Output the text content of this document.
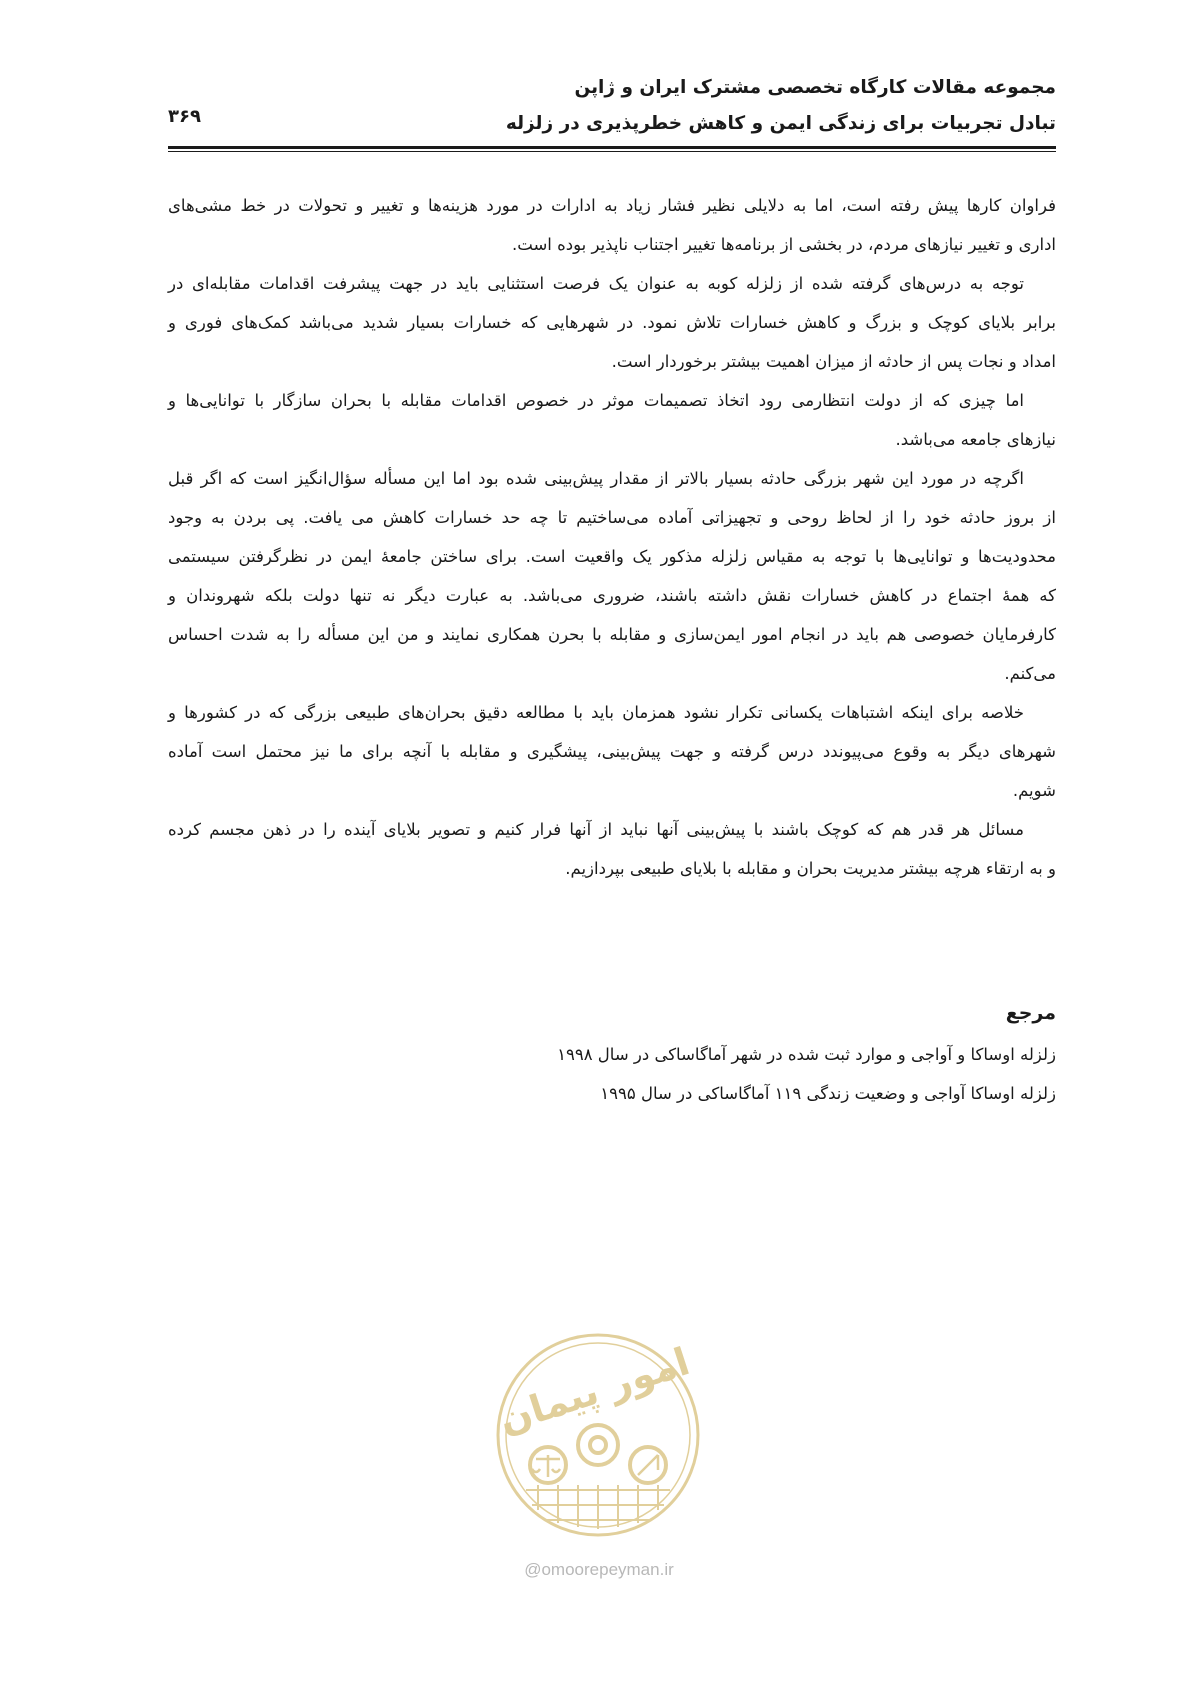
مجموعه مقالات کارگاه تخصصی مشترک ایران و ژاپن
تبادل تجربیات برای زندگی ایمن و کاهش خطرپذیری در زلزله
۳۶۹

فراوان کارها پیش رفته است، اما به دلایلی نظیر فشار زیاد به ادارات در مورد هزینه‌ها و تغییر و تحولات در خط مشی‌های
اداری و تغییر نیازهای مردم، در بخشی از برنامه‌ها تغییر اجتناب ناپذیر بوده است.

توجه به درس‌های گرفته شده از زلزله کوبه به عنوان یک فرصت استثنایی باید در جهت پیشرفت اقدامات مقابله‌ای در
برابر بلایای کوچک و بزرگ و کاهش خسارات تلاش نمود. در شهرهایی که خسارات بسیار شدید می‌باشد کمک‌های فوری و
امداد و نجات پس از حادثه از میزان اهمیت بیشتر برخوردار است.

اما چیزی که از دولت انتظارمی رود اتخاذ تصمیمات موثر در خصوص اقدامات مقابله با بحران سازگار با توانایی‌ها و
نیازهای جامعه می‌باشد.

اگرچه در مورد این شهر بزرگی حادثه بسیار بالاتر از مقدار پیش‌بینی شده بود اما این مسأله سؤال‌انگیز است که اگر قبل
از بروز حادثه خود را از لحاظ روحی و تجهیزاتی آماده می‌ساختیم تا چه حد خسارات کاهش می یافت. پی بردن به وجود
محدودیت‌ها و توانایی‌ها با توجه به مقیاس زلزله مذکور یک واقعیت است. برای ساختن جامعهٔ ایمن در نظرگرفتن سیستمی
که همهٔ اجتماع در کاهش خسارات نقش داشته باشند، ضروری می‌باشد. به عبارت دیگر نه تنها دولت بلکه شهروندان و
کارفرمایان خصوصی هم باید در انجام امور ایمن‌سازی و مقابله با بحرن همکاری نمایند و من این مسأله را به شدت احساس
می‌کنم.

خلاصه برای اینکه اشتباهات یکسانی تکرار نشود همزمان باید با مطالعه دقیق بحران‌های طبیعی بزرگی که در کشورها و
شهرهای دیگر به وقوع می‌پیوندد درس گرفته و جهت پیش‌بینی، پیشگیری و مقابله با آنچه برای ما نیز محتمل است آماده
شویم.

مسائل هر قدر هم که کوچک باشند با پیش‌بینی آنها نباید از آنها فرار کنیم و تصویر بلایای آینده را در ذهن مجسم کرده
و به ارتقاء هرچه بیشتر مدیریت بحران و مقابله با بلایای طبیعی بپردازیم.

مرجع
زلزله اوساکا و آواجی و موارد ثبت شده در شهر آماگاساکی در سال ۱۹۹۸
زلزله اوساکا آواجی و وضعیت زندگی ۱۱۹ آماگاساکی در سال ۱۹۹۵
امور پیمان
@omoorepeyman.ir
